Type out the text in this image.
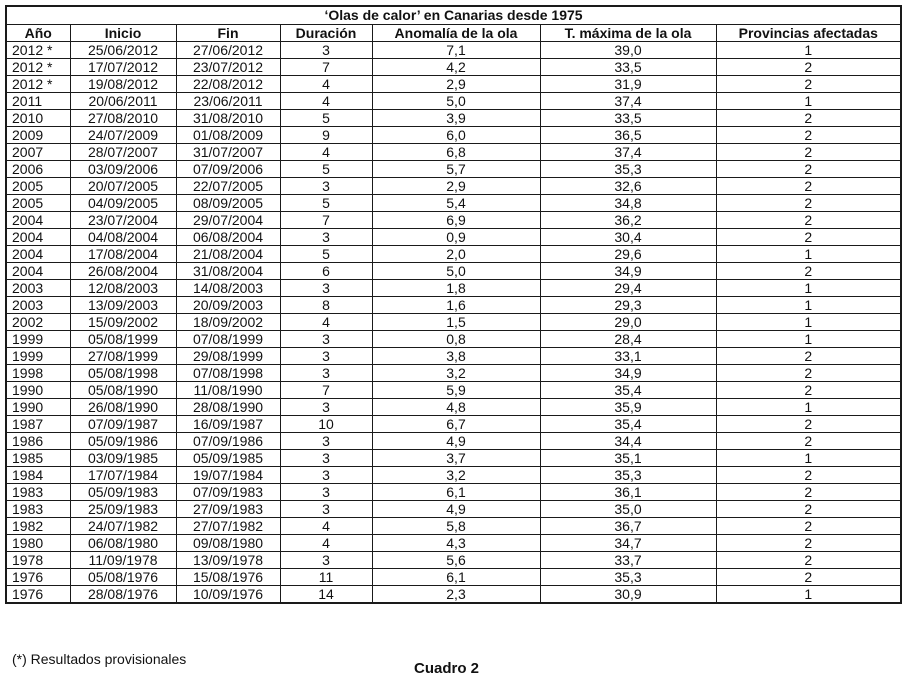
‘Olas de calor’ en Canarias desde 1975						
Año	Inicio	Fin	Duración	Anomalía de la ola	T. máxima de la ola	Provincias afectadas
2012 *	25/06/2012	27/06/2012	3	7,1	39,0	1
2012 *	17/07/2012	23/07/2012	7	4,2	33,5	2
2012 *	19/08/2012	22/08/2012	4	2,9	31,9	2
2011	20/06/2011	23/06/2011	4	5,0	37,4	1
2010	27/08/2010	31/08/2010	5	3,9	33,5	2
2009	24/07/2009	01/08/2009	9	6,0	36,5	2
2007	28/07/2007	31/07/2007	4	6,8	37,4	2
2006	03/09/2006	07/09/2006	5	5,7	35,3	2
2005	20/07/2005	22/07/2005	3	2,9	32,6	2
2005	04/09/2005	08/09/2005	5	5,4	34,8	2
2004	23/07/2004	29/07/2004	7	6,9	36,2	2
2004	04/08/2004	06/08/2004	3	0,9	30,4	2
2004	17/08/2004	21/08/2004	5	2,0	29,6	1
2004	26/08/2004	31/08/2004	6	5,0	34,9	2
2003	12/08/2003	14/08/2003	3	1,8	29,4	1
2003	13/09/2003	20/09/2003	8	1,6	29,3	1
2002	15/09/2002	18/09/2002	4	1,5	29,0	1
1999	05/08/1999	07/08/1999	3	0,8	28,4	1
1999	27/08/1999	29/08/1999	3	3,8	33,1	2
1998	05/08/1998	07/08/1998	3	3,2	34,9	2
1990	05/08/1990	11/08/1990	7	5,9	35,4	2
1990	26/08/1990	28/08/1990	3	4,8	35,9	1
1987	07/09/1987	16/09/1987	10	6,7	35,4	2
1986	05/09/1986	07/09/1986	3	4,9	34,4	2
1985	03/09/1985	05/09/1985	3	3,7	35,1	1
1984	17/07/1984	19/07/1984	3	3,2	35,3	2
1983	05/09/1983	07/09/1983	3	6,1	36,1	2
1983	25/09/1983	27/09/1983	3	4,9	35,0	2
1982	24/07/1982	27/07/1982	4	5,8	36,7	2
1980	06/08/1980	09/08/1980	4	4,3	34,7	2
1978	11/09/1978	13/09/1978	3	5,6	33,7	2
1976	05/08/1976	15/08/1976	11	6,1	35,3	2
1976	28/08/1976	10/09/1976	14	2,3	30,9	1
(*) Resultados provisionales
Cuadro 2
